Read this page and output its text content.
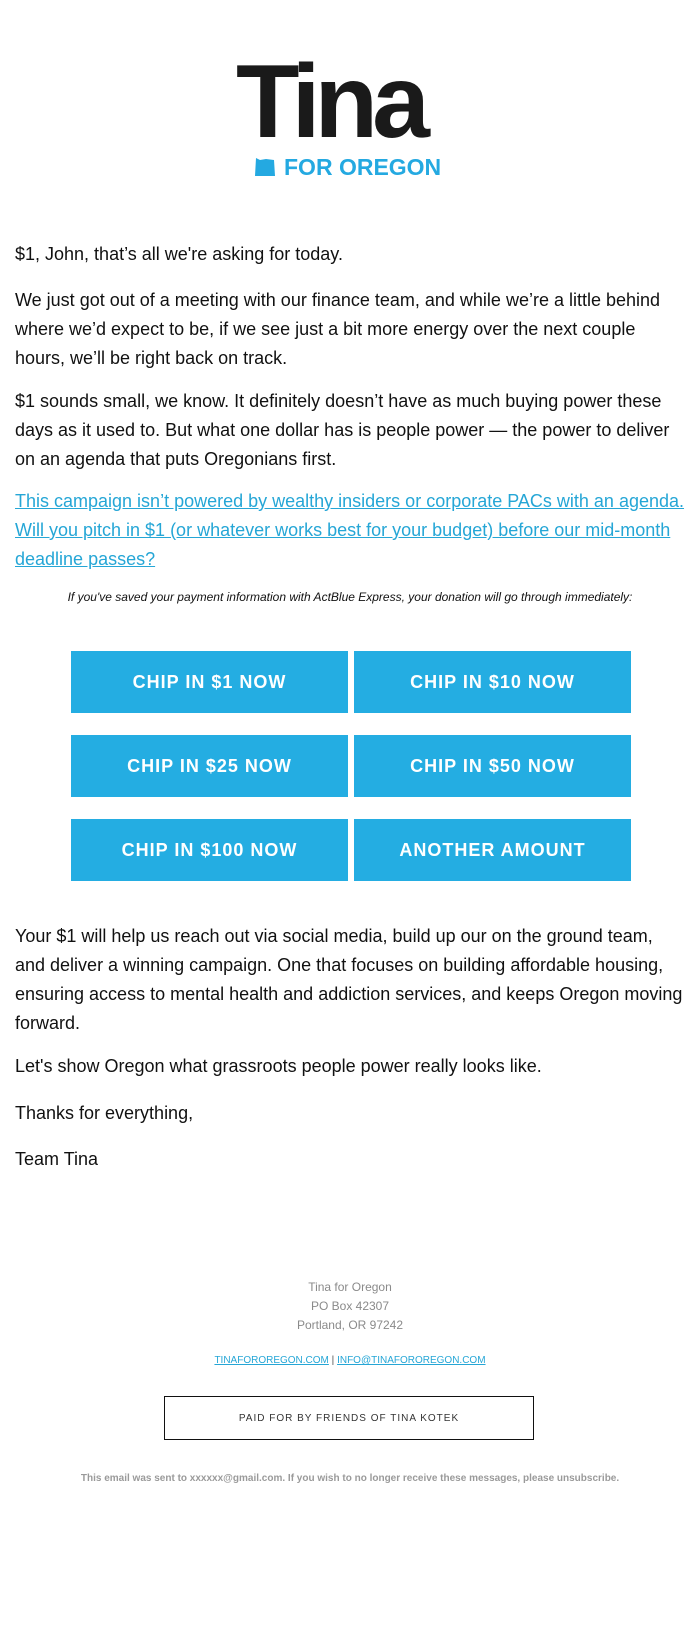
Tina
FOR OREGON

$1, John, that’s all we're asking for today.

We just got out of a meeting with our finance team, and while we’re a little behind where we’d expect to be, if we see just a bit more energy over the next couple hours, we’ll be right back on track.

$1 sounds small, we know. It definitely doesn’t have as much buying power these days as it used to. But what one dollar has is people power — the power to deliver on an agenda that puts Oregonians first.

This campaign isn’t powered by wealthy insiders or corporate PACs with an agenda. Will you pitch in $1 (or whatever works best for your budget) before our mid-month deadline passes?

If you've saved your payment information with ActBlue Express, your donation will go through immediately:
CHIP IN $1 NOW	CHIP IN $10 NOW
CHIP IN $25 NOW	CHIP IN $50 NOW
CHIP IN $100 NOW	ANOTHER AMOUNT

Your $1 will help us reach out via social media, build up our on the ground team, and deliver a winning campaign. One that focuses on building affordable housing, ensuring access to mental health and addiction services, and keeps Oregon moving forward.

Let's show Oregon what grassroots people power really looks like.

Thanks for everything,

Team Tina

Tina for Oregon
PO Box 42307
Portland, OR 97242
TINAFOROREGON.COM | INFO@TINAFOROREGON.COM
PAID FOR BY FRIENDS OF TINA KOTEK
This email was sent to xxxxxx@gmail.com. If you wish to no longer receive these messages, please unsubscribe.
